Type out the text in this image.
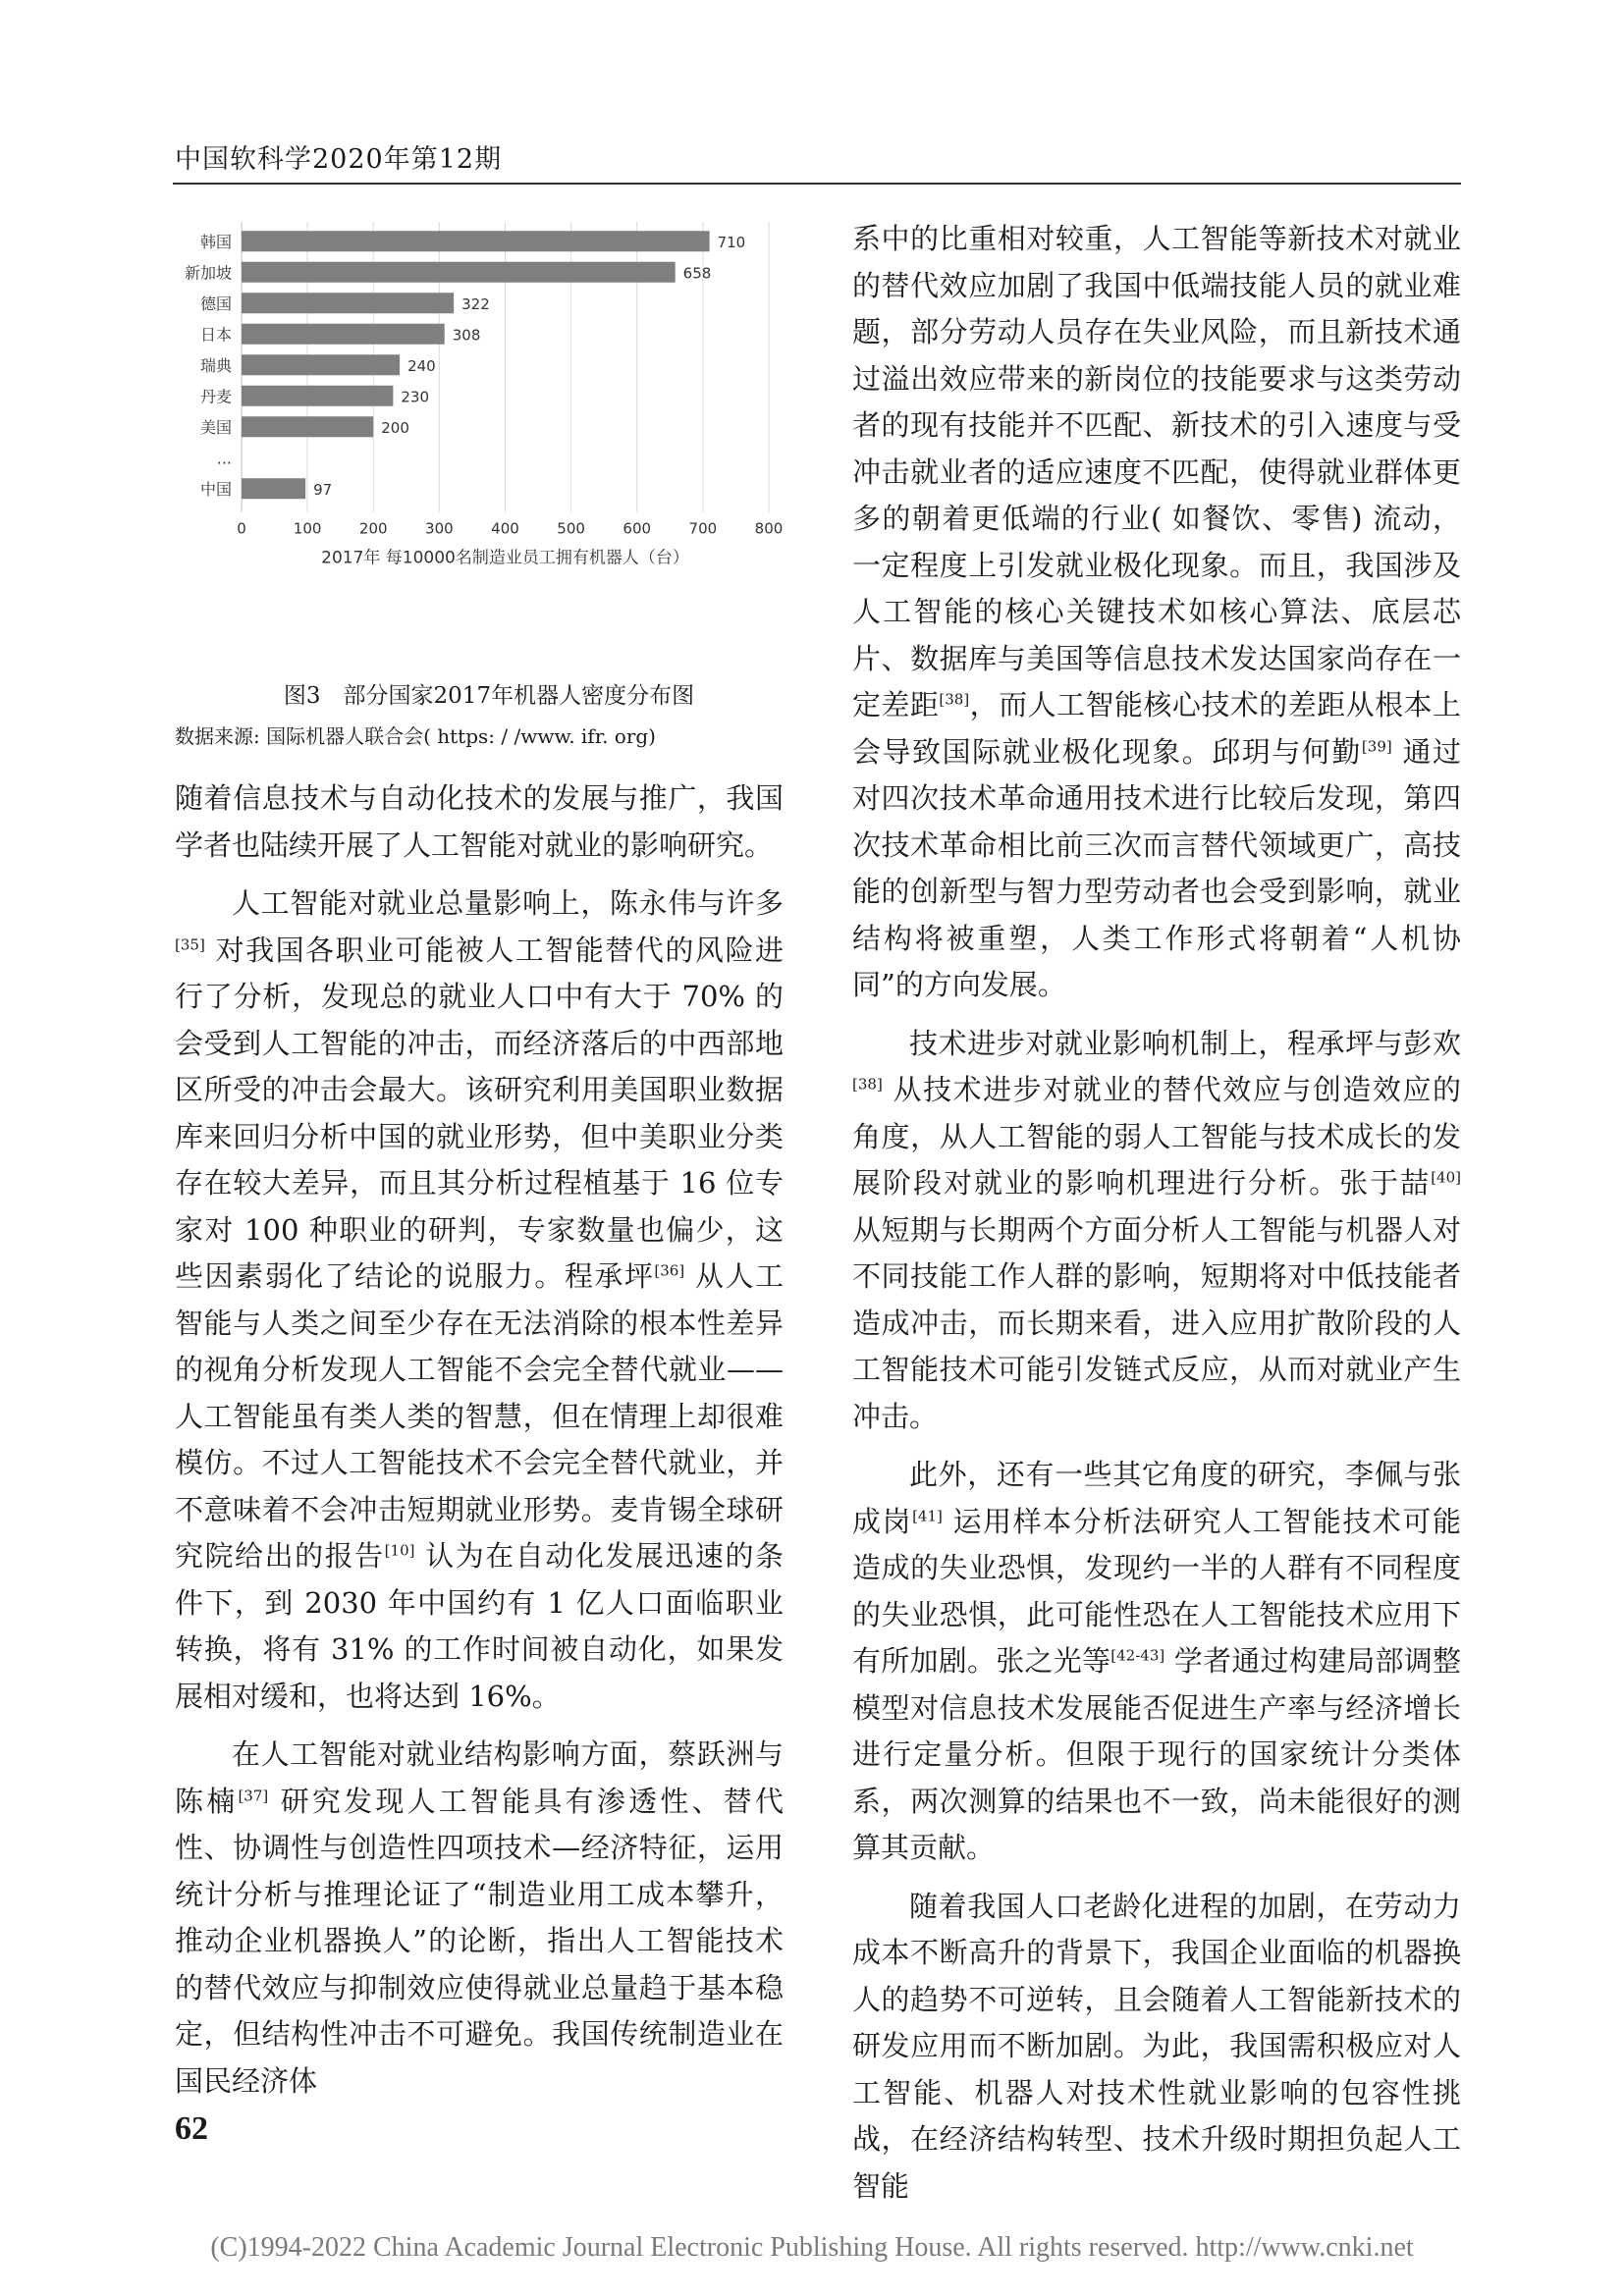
中国软科学2020年第12期
韩国	710
新加坡	658
德国	322
日本	308
瑞典	240
丹麦	230
美国	200
...
中国	97
0	100	200	300	400	500	600	700	800
2017年 每10000名制造业员工拥有机器人（台）
图3　部分国家2017年机器人密度分布图
数据来源: 国际机器人联合会( https: / /www. ifr. org)

随着信息技术与自动化技术的发展与推广，我国学者也陆续开展了人工智能对就业的影响研究。

人工智能对就业总量影响上，陈永伟与许多[35] 对我国各职业可能被人工智能替代的风险进行了分析，发现总的就业人口中有大于 70% 的会受到人工智能的冲击，而经济落后的中西部地区所受的冲击会最大。该研究利用美国职业数据库来回归分析中国的就业形势，但中美职业分类存在较大差异，而且其分析过程植基于 16 位专家对 100 种职业的研判，专家数量也偏少，这些因素弱化了结论的说服力。程承坪[36] 从人工智能与人类之间至少存在无法消除的根本性差异的视角分析发现人工智能不会完全替代就业——人工智能虽有类人类的智慧，但在情理上却很难模仿。不过人工智能技术不会完全替代就业，并不意味着不会冲击短期就业形势。麦肯锡全球研究院给出的报告[10] 认为在自动化发展迅速的条件下，到 2030 年中国约有 1 亿人口面临职业转换，将有 31% 的工作时间被自动化，如果发展相对缓和，也将达到 16%。

在人工智能对就业结构影响方面，蔡跃洲与陈楠[37] 研究发现人工智能具有渗透性、替代性、协调性与创造性四项技术—经济特征，运用统计分析与推理论证了“制造业用工成本攀升，推动企业机器换人”的论断，指出人工智能技术的替代效应与抑制效应使得就业总量趋于基本稳定，但结构性冲击不可避免。我国传统制造业在国民经济体

系中的比重相对较重，人工智能等新技术对就业的替代效应加剧了我国中低端技能人员的就业难题，部分劳动人员存在失业风险，而且新技术通过溢出效应带来的新岗位的技能要求与这类劳动者的现有技能并不匹配、新技术的引入速度与受冲击就业者的适应速度不匹配，使得就业群体更多的朝着更低端的行业( 如餐饮、零售) 流动，一定程度上引发就业极化现象。而且，我国涉及人工智能的核心关键技术如核心算法、底层芯片、数据库与美国等信息技术发达国家尚存在一定差距[38]，而人工智能核心技术的差距从根本上会导致国际就业极化现象。邱玥与何勤[39] 通过对四次技术革命通用技术进行比较后发现，第四次技术革命相比前三次而言替代领域更广，高技能的创新型与智力型劳动者也会受到影响，就业结构将被重塑，人类工作形式将朝着“人机协同”的方向发展。

技术进步对就业影响机制上，程承坪与彭欢[38] 从技术进步对就业的替代效应与创造效应的角度，从人工智能的弱人工智能与技术成长的发展阶段对就业的影响机理进行分析。张于喆[40] 从短期与长期两个方面分析人工智能与机器人对不同技能工作人群的影响，短期将对中低技能者造成冲击，而长期来看，进入应用扩散阶段的人工智能技术可能引发链式反应，从而对就业产生冲击。

此外，还有一些其它角度的研究，李佩与张成岗[41] 运用样本分析法研究人工智能技术可能造成的失业恐惧，发现约一半的人群有不同程度的失业恐惧，此可能性恐在人工智能技术应用下有所加剧。张之光等[42-43] 学者通过构建局部调整模型对信息技术发展能否促进生产率与经济增长进行定量分析。但限于现行的国家统计分类体系，两次测算的结果也不一致，尚未能很好的测算其贡献。

随着我国人口老龄化进程的加剧，在劳动力成本不断高升的背景下，我国企业面临的机器换人的趋势不可逆转，且会随着人工智能新技术的研发应用而不断加剧。为此，我国需积极应对人工智能、机器人对技术性就业影响的包容性挑战，在经济结构转型、技术升级时期担负起人工智能

62
(C)1994-2022 China Academic Journal Electronic Publishing House. All rights reserved. http://www.cnki.net
